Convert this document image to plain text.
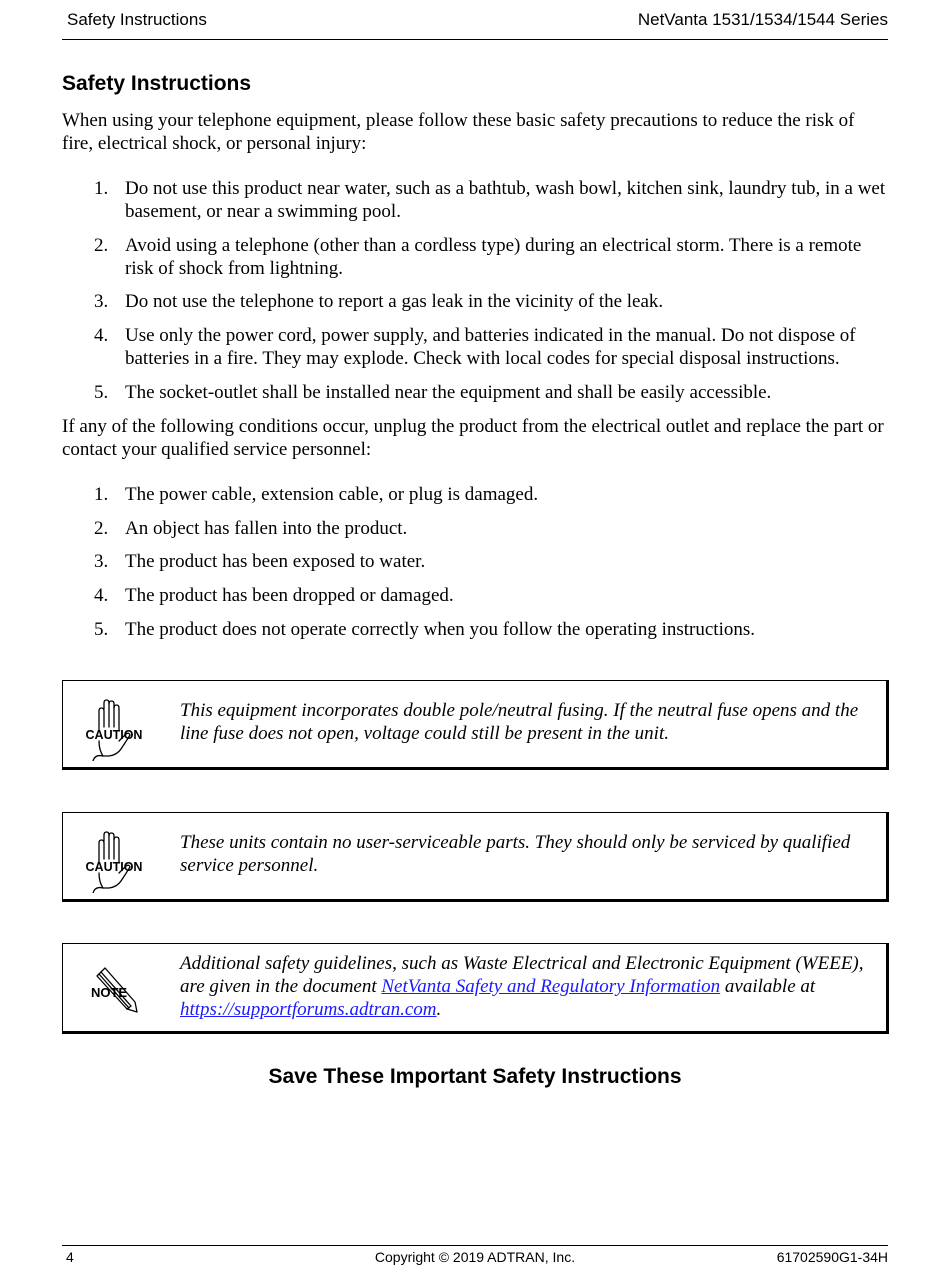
Safety Instructions	NetVanta 1531/1534/1544 Series
Safety Instructions

When using your telephone equipment, please follow these basic safety precautions to reduce the risk of fire, electrical shock, or personal injury:

1. Do not use this product near water, such as a bathtub, wash bowl, kitchen sink, laundry tub, in a wet basement, or near a swimming pool.
2. Avoid using a telephone (other than a cordless type) during an electrical storm. There is a remote risk of shock from lightning.
3. Do not use the telephone to report a gas leak in the vicinity of the leak.
4. Use only the power cord, power supply, and batteries indicated in the manual. Do not dispose of batteries in a fire. They may explode. Check with local codes for special disposal instructions.
5. The socket-outlet shall be installed near the equipment and shall be easily accessible.

If any of the following conditions occur, unplug the product from the electrical outlet and replace the part or contact your qualified service personnel:

1. The power cable, extension cable, or plug is damaged.
2. An object has fallen into the product.
3. The product has been exposed to water.
4. The product has been dropped or damaged.
5. The product does not operate correctly when you follow the operating instructions.
CAUTION
This equipment incorporates double pole/neutral fusing. If the neutral fuse opens and the line fuse does not open, voltage could still be present in the unit.
CAUTION
These units contain no user-serviceable parts. They should only be serviced by qualified service personnel.
NOTE
Additional safety guidelines, such as Waste Electrical and Electronic Equipment (WEEE), are given in the document NetVanta Safety and Regulatory Information available at https://supportforums.adtran.com.
Save These Important Safety Instructions
4	Copyright © 2019 ADTRAN, Inc.	61702590G1-34H
